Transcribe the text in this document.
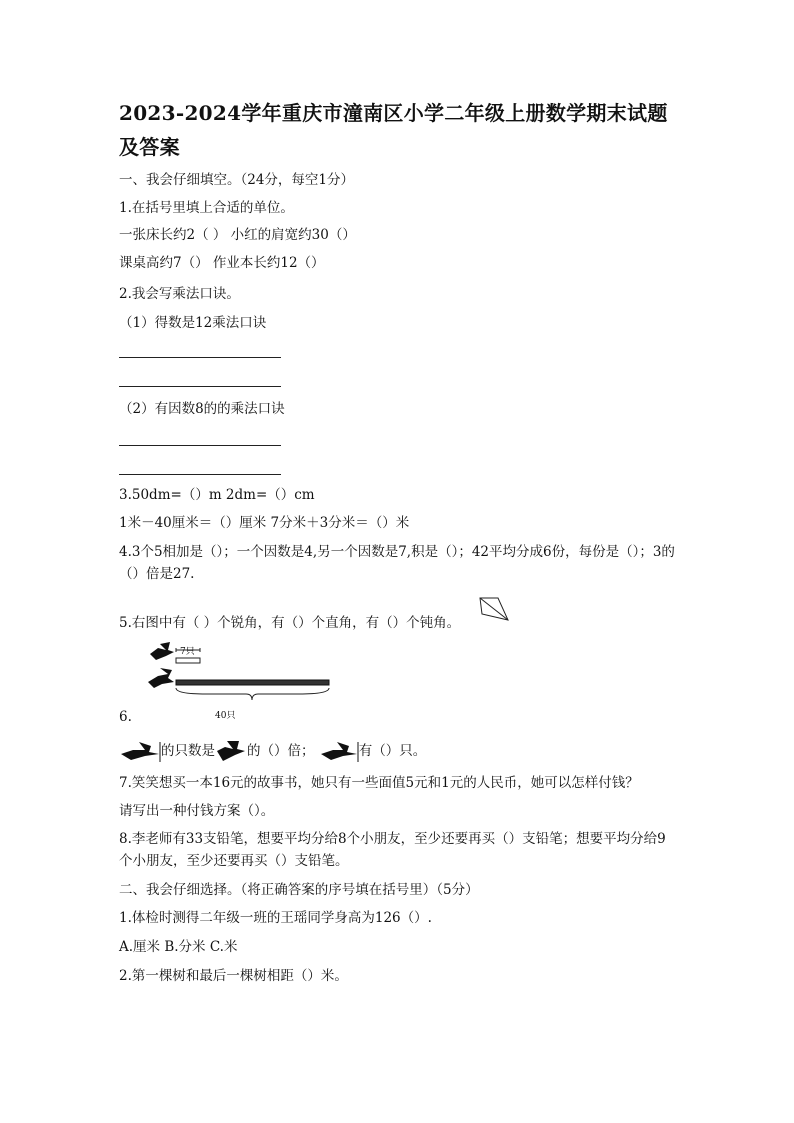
2023-2024学年重庆市潼南区小学二年级上册数学期末试题及答案
一、我会仔细填空。（24分，每空1分）
1.在括号里填上合适的单位。
一张床长约2（ ） 小红的肩宽约30（）
课桌高约7（） 作业本长约12（）
2.我会写乘法口诀。
（1）得数是12乘法口诀
（2）有因数8的的乘法口诀
3.50dm=（）m 2dm=（）cm
1米－40厘米＝（）厘米 7分米＋3分米＝（）米
4.3个5相加是（）；一个因数是4,另一个因数是7,积是（）；42平均分成6份，每份是（）；3的（）倍是27.
5.右图中有（ ）个锐角，有（）个直角，有（）个钝角。
7只
40只
6.
的只数是 的（）倍；	有（）只。
7.笑笑想买一本16元的故事书，她只有一些面值5元和1元的人民币，她可以怎样付钱？
请写出一种付钱方案（）。
8.李老师有33支铅笔，想要平均分给8个小朋友，至少还要再买（）支铅笔；想要平均分给9个小朋友，至少还要再买（）支铅笔。
二、我会仔细选择。（将正确答案的序号填在括号里）（5分）
1.体检时测得二年级一班的王瑶同学身高为126（）.
A.厘米 B.分米 C.米
2.第一棵树和最后一棵树相距（）米。
